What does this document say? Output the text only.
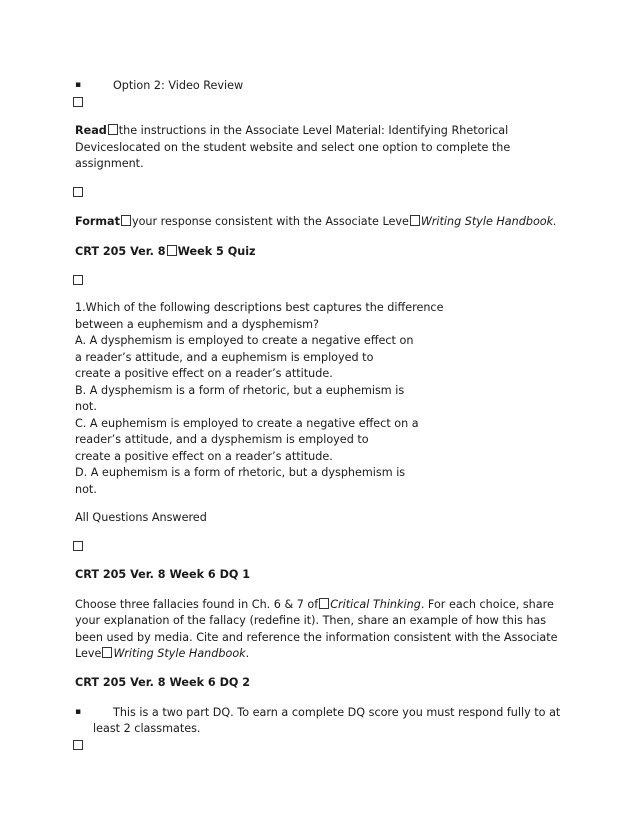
▪	Option 2: Video Review
Read the instructions in the Associate Level Material: Identifying Rhetorical
Deviceslocated on the student website and select one option to complete the
assignment.
Format your response consistent with the Associate Leve Writing Style Handbook.
CRT 205 Ver. 8 Week 5 Quiz
1.Which of the following descriptions best captures the difference
between a euphemism and a dysphemism?
A. A dysphemism is employed to create a negative effect on
a reader’s attitude, and a euphemism is employed to
create a positive effect on a reader’s attitude.
B. A dysphemism is a form of rhetoric, but a euphemism is
not.
C. A euphemism is employed to create a negative effect on a
reader’s attitude, and a dysphemism is employed to
create a positive effect on a reader’s attitude.
D. A euphemism is a form of rhetoric, but a dysphemism is
not.
All Questions Answered
CRT 205 Ver. 8 Week 6 DQ 1
Choose three fallacies found in Ch. 6 & 7 of Critical Thinking. For each choice, share
your explanation of the fallacy (redefine it). Then, share an example of how this has
been used by media. Cite and reference the information consistent with the Associate
Leve Writing Style Handbook.
CRT 205 Ver. 8 Week 6 DQ 2
▪	This is a two part DQ. To earn a complete DQ score you must respond fully to at
least 2 classmates.
